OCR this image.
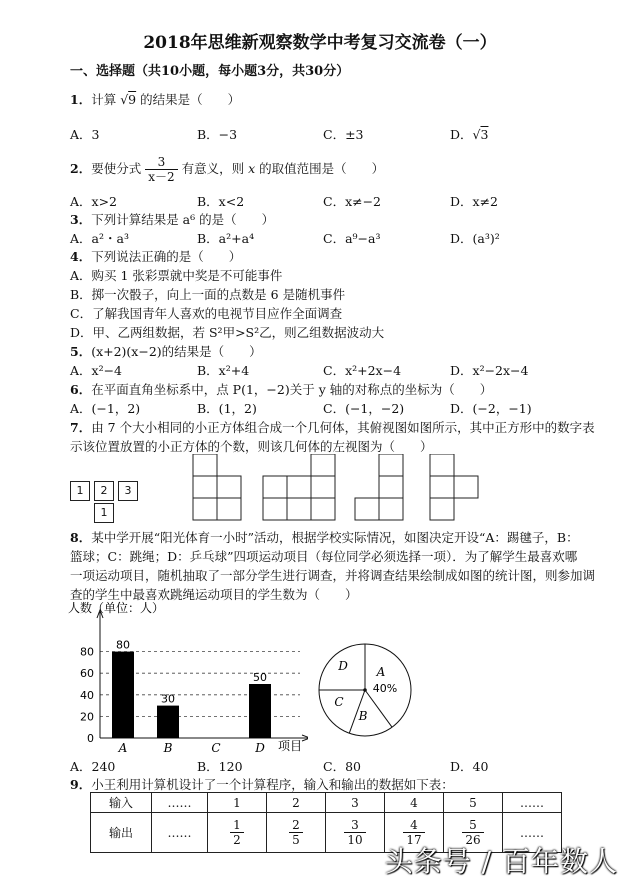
2018年思维新观察数学中考复习交流卷（一）
一、选择题（共10小题，每小题3分，共30分）
1．计算 √9 的结果是（　　）
A．3	B．−3	C．±3	D．√3
2．要使分式 $\frac{3}{x-2}$ 有意义，则 x 的取值范围是（　　）
A．x>2	B．x<2	C．x≠−2	D．x≠2
3．下列计算结果是 a⁶ 的是（　　）
A．a²・a³	B．a²+a⁴	C．a⁹−a³	D．(a³)²
4．下列说法正确的是（　　）
A．购买 1 张彩票就中奖是不可能事件
B．掷一次骰子，向上一面的点数是 6 是随机事件
C．了解我国青年人喜欢的电视节目应作全面调查
D．甲、乙两组数据，若 S²甲>S²乙，则乙组数据波动大
5．(x+2)(x−2)的结果是（　　）
A．x²−4	B．x²+4	C．x²+2x−4	D．x²−2x−4
6．在平面直角坐标系中，点 P(1，−2)关于 y 轴的对称点的坐标为（　　）
A．(−1，2)	B．(1，2)	C．(−1，−2)	D．(−2，−1)
7．由 7 个大小相同的小正方体组合成一个几何体，其俯视图如图所示，其中正方形中的数字表
示该位置放置的小正方体的个数，则该几何体的左视图为（　　）
1	2	3
1
8．某中学开展“阳光体育一小时”活动，根据学校实际情况，如图决定开设“A：踢毽子，B：
篮球；C：跳绳；D：乒乓球”四项运动项目（每位同学必须选择一项）．为了解学生最喜欢哪
一项运动项目，随机抽取了一部分学生进行调查，并将调查结果绘制成如图的统计图，则参加调
查的学生中最喜欢跳绳运动项目的学生数为（　　）
人数（单位：人）
项目
0
20
40
60
80
80
A
30
B	C
50
D
A
40%
B
C
D
A．240	B．120	C．80	D．40
9．小王利用计算机设计了一个计算程序，输入和输出的数据如下表：
输入	……	1	2	3	4	5	……
输出	……	$\frac{1}{2}$	$\frac{2}{5}$	$\frac{3}{10}$	$\frac{4}{17}$	$\frac{5}{26}$	……
头条号 / 百年数人
